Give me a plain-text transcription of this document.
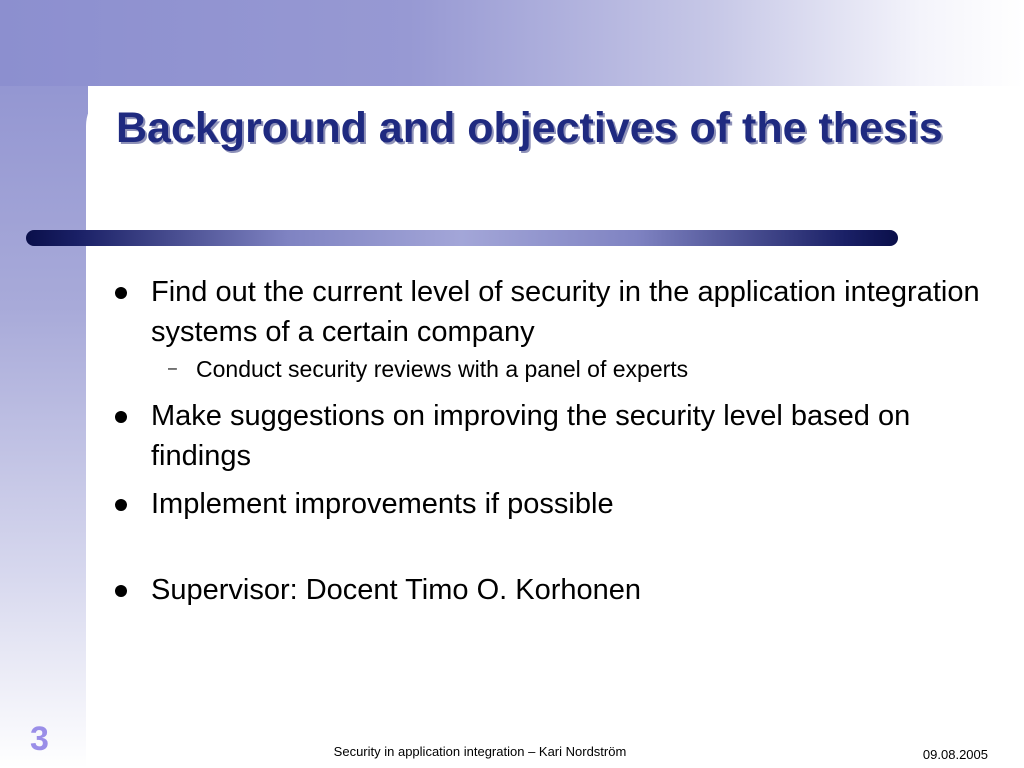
Background and objectives of the thesis
Find out the current level of security in the application integration systems of a certain company
– Conduct security reviews with a panel of experts
Make suggestions on improving the security level based on findings
Implement improvements if possible
Supervisor: Docent Timo O. Korhonen
3	Security in application integration – Kari Nordström	09.08.2005
